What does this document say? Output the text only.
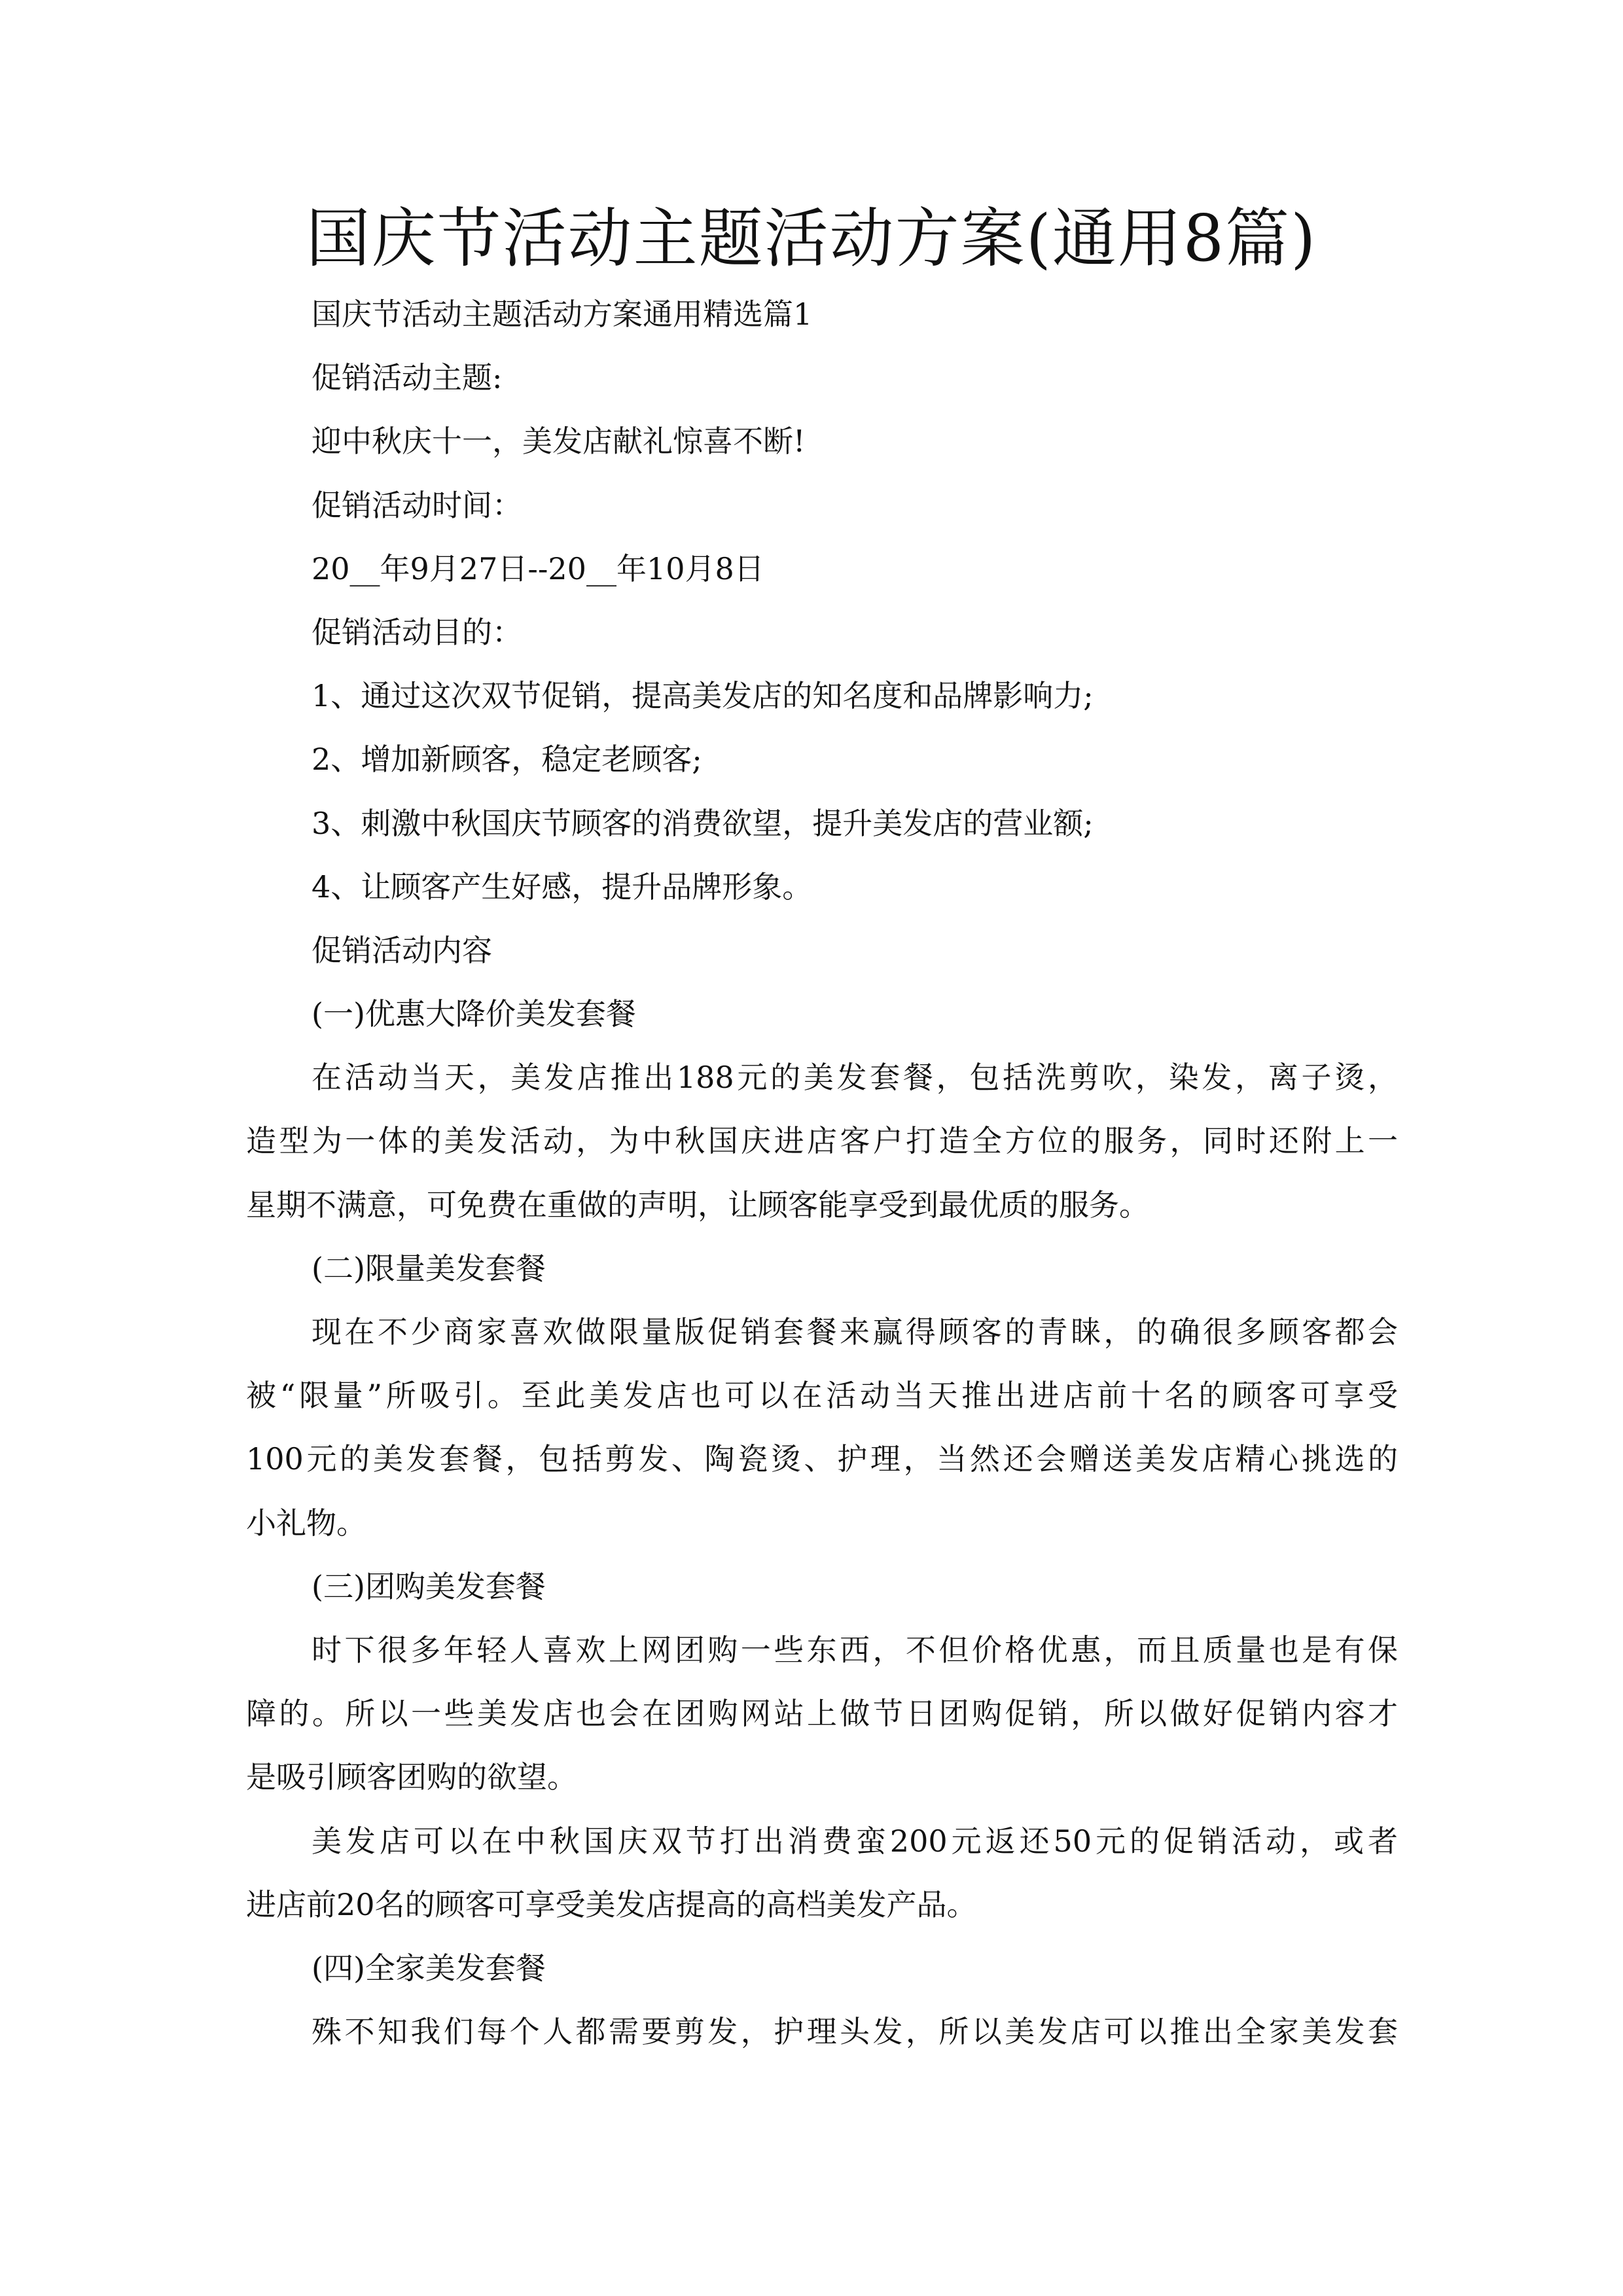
国庆节活动主题活动方案(通用8篇)
国庆节活动主题活动方案通用精选篇1
促销活动主题:
迎中秋庆十一，美发店献礼惊喜不断!
促销活动时间：
20__年9月27日--20__年10月8日
促销活动目的：
1、通过这次双节促销，提高美发店的知名度和品牌影响力;
2、增加新顾客，稳定老顾客;
3、刺激中秋国庆节顾客的消费欲望，提升美发店的营业额;
4、让顾客产生好感，提升品牌形象。
促销活动内容
(一)优惠大降价美发套餐
在活动当天，美发店推出188元的美发套餐，包括洗剪吹，染发，离子烫，
造型为一体的美发活动，为中秋国庆进店客户打造全方位的服务，同时还附上一
星期不满意，可免费在重做的声明，让顾客能享受到最优质的服务。
(二)限量美发套餐
现在不少商家喜欢做限量版促销套餐来赢得顾客的青睐，的确很多顾客都会
被“限量”所吸引。至此美发店也可以在活动当天推出进店前十名的顾客可享受
100元的美发套餐，包括剪发、陶瓷烫、护理，当然还会赠送美发店精心挑选的
小礼物。
(三)团购美发套餐
时下很多年轻人喜欢上网团购一些东西，不但价格优惠，而且质量也是有保
障的。所以一些美发店也会在团购网站上做节日团购促销，所以做好促销内容才
是吸引顾客团购的欲望。
美发店可以在中秋国庆双节打出消费蛮200元返还50元的促销活动，或者
进店前20名的顾客可享受美发店提高的高档美发产品。
(四)全家美发套餐
殊不知我们每个人都需要剪发，护理头发，所以美发店可以推出全家美发套
